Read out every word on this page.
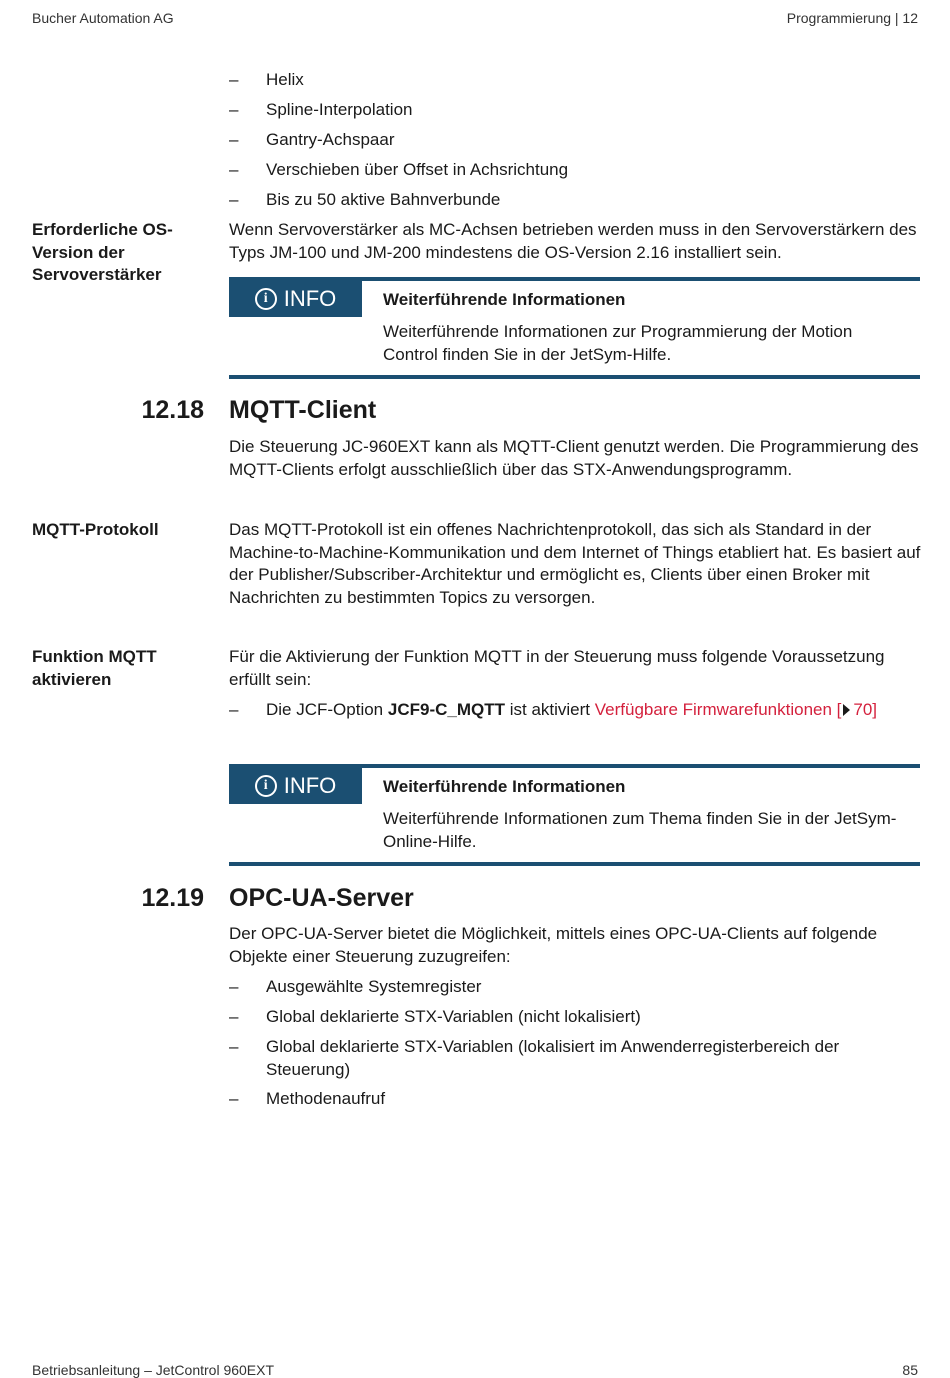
Bucher Automation AG	Programmierung | 12
–	Helix
–	Spline-Interpolation
–	Gantry-Achspaar
–	Verschieben über Offset in Achsrichtung
–	Bis zu 50 aktive Bahnverbunde
Erforderliche OS-Version der Servoverstärker
Wenn Servoverstärker als MC-Achsen betrieben werden muss in den Servoverstärkern des Typs JM-100 und JM-200 mindestens die OS-Version 2.16 installiert sein.
i INFO	Weiterführende Informationen
Weiterführende Informationen zur Programmierung der Motion Control finden Sie in der JetSym-Hilfe.
12.18 MQTT-Client
Die Steuerung JC-960EXT kann als MQTT-Client genutzt werden. Die Programmierung des MQTT-Clients erfolgt ausschließlich über das STX-Anwendungsprogramm.
MQTT-Protokoll	Das MQTT-Protokoll ist ein offenes Nachrichtenprotokoll, das sich als Standard in der Machine-to-Machine-Kommunikation und dem Internet of Things etabliert hat. Es basiert auf der Publisher/Subscriber-Architektur und ermöglicht es, Clients über einen Broker mit Nachrichten zu bestimmten Topics zu versorgen.
Funktion MQTT aktivieren
Für die Aktivierung der Funktion MQTT in der Steuerung muss folgende Voraussetzung erfüllt sein:
–	Die JCF-Option JCF9-C_MQTT ist aktiviert Verfügbare Firmwarefunktionen [ 70]
i INFO	Weiterführende Informationen
Weiterführende Informationen zum Thema finden Sie in der JetSym-Online-Hilfe.
12.19 OPC-UA-Server
Der OPC-UA-Server bietet die Möglichkeit, mittels eines OPC-UA-Clients auf folgende Objekte einer Steuerung zuzugreifen:
–	Ausgewählte Systemregister
–	Global deklarierte STX-Variablen (nicht lokalisiert)
–	Global deklarierte STX-Variablen (lokalisiert im Anwenderregisterbereich der Steuerung)
–	Methodenaufruf
Betriebsanleitung – JetControl 960EXT	85
